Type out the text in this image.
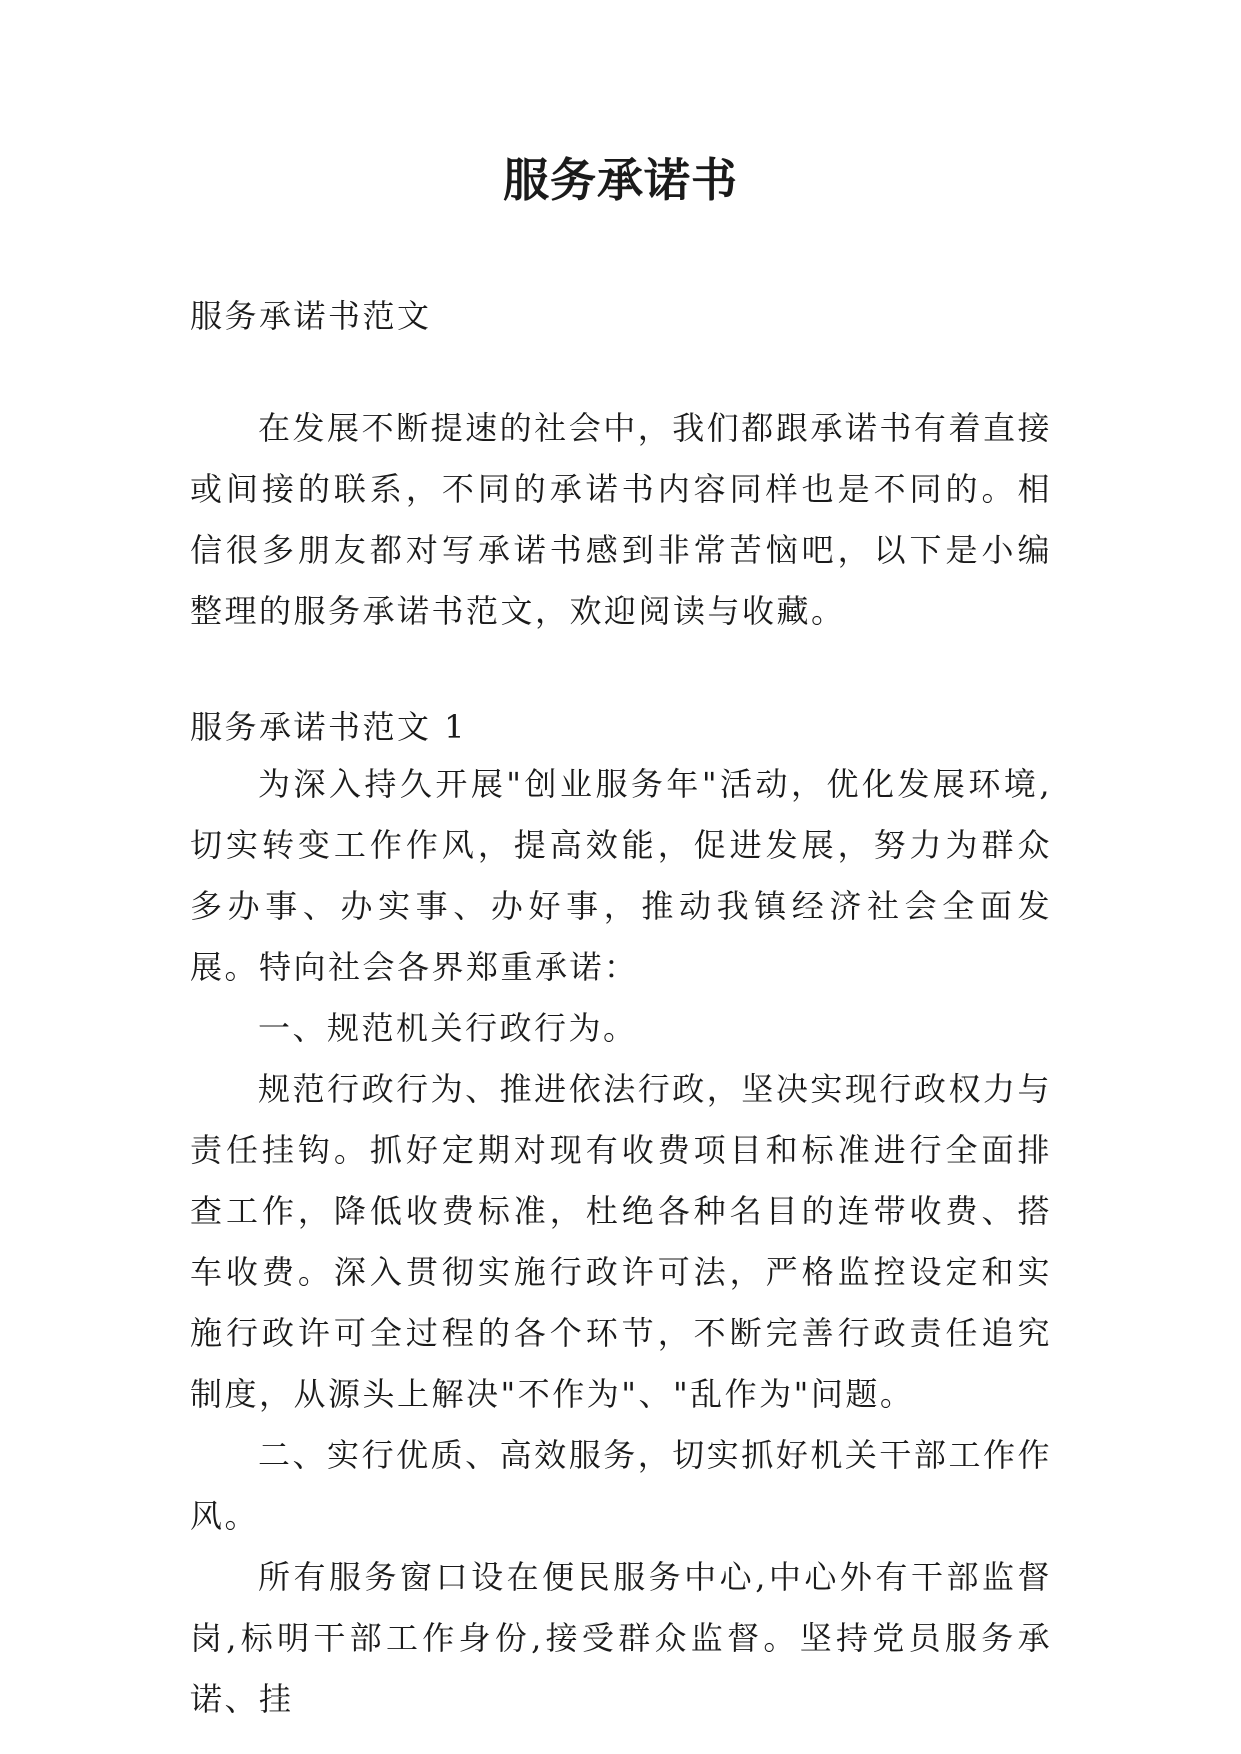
服务承诺书

服务承诺书范文

在发展不断提速的社会中，我们都跟承诺书有着直接或间接的联系，不同的承诺书内容同样也是不同的。相信很多朋友都对写承诺书感到非常苦恼吧，以下是小编整理的服务承诺书范文，欢迎阅读与收藏。

服务承诺书范文 1

为深入持久开展"创业服务年"活动，优化发展环境,切实转变工作作风，提高效能，促进发展，努力为群众多办事、办实事、办好事，推动我镇经济社会全面发展。特向社会各界郑重承诺：

一、规范机关行政行为。

规范行政行为、推进依法行政，坚决实现行政权力与责任挂钩。抓好定期对现有收费项目和标准进行全面排查工作，降低收费标准，杜绝各种名目的连带收费、搭车收费。深入贯彻实施行政许可法，严格监控设定和实施行政许可全过程的各个环节，不断完善行政责任追究制度，从源头上解决"不作为"、"乱作为"问题。

二、实行优质、高效服务，切实抓好机关干部工作作风。

所有服务窗口设在便民服务中心,中心外有干部监督岗,标明干部工作身份,接受群众监督。坚持党员服务承诺、挂
